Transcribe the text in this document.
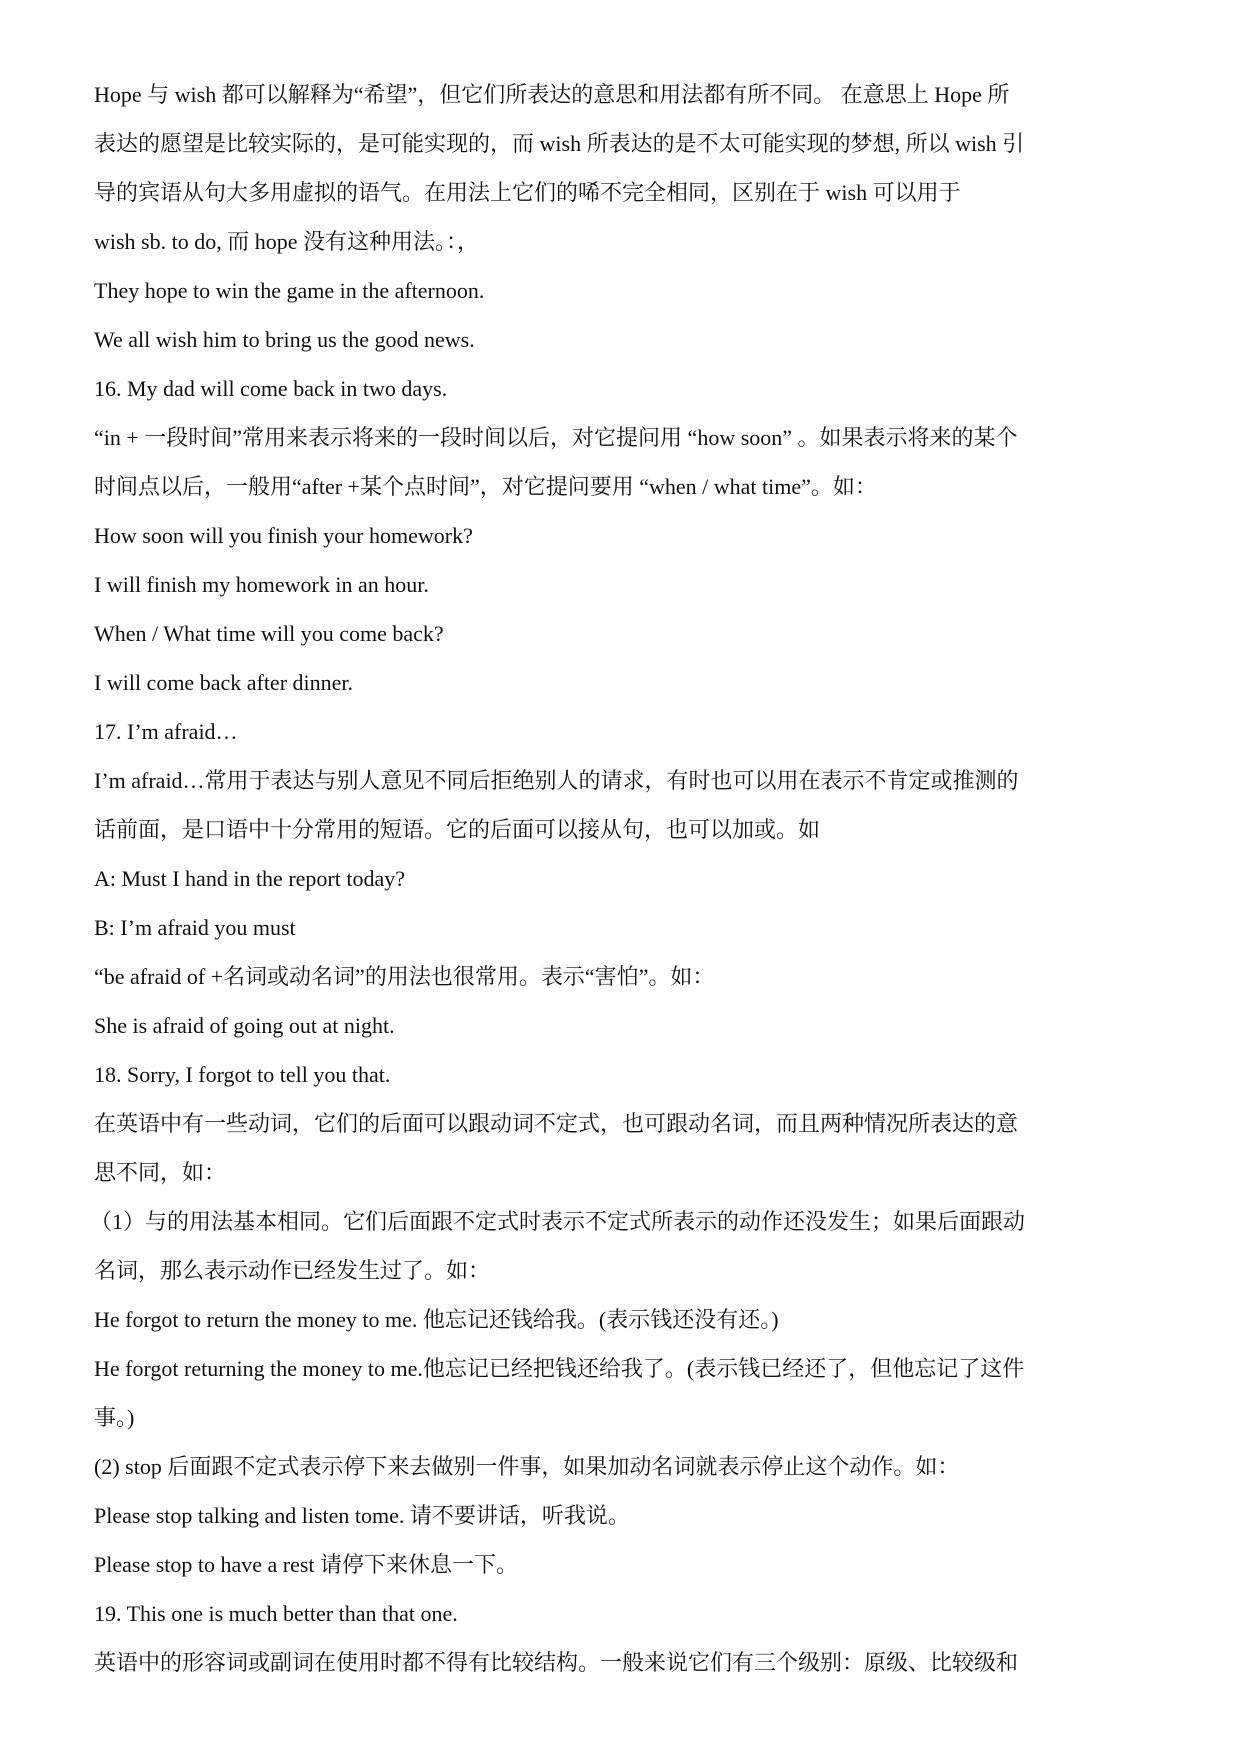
Hope 与 wish 都可以解释为“希望”，但它们所表达的意思和用法都有所不同。 在意思上 Hope 所

表达的愿望是比较实际的，是可能实现的，而 wish 所表达的是不太可能实现的梦想, 所以 wish 引

导的宾语从句大多用虚拟的语气。在用法上它们的唏不完全相同，区别在于 wish 可以用于

wish sb. to do, 而 hope 没有这种用法。：，

They hope to win the game in the afternoon.

We all wish him to bring us the good news.

16. My dad will come back in two days.

“in + 一段时间”常用来表示将来的一段时间以后，对它提问用 “how soon” 。如果表示将来的某个

时间点以后，一般用“after +某个点时间”，对它提问要用 “when / what time”。如：

How soon will you finish your homework?

I will finish my homework in an hour.

When / What time will you come back?

I will come back after dinner.

17. I’m afraid…

I’m afraid…常用于表达与别人意见不同后拒绝别人的请求，有时也可以用在表示不肯定或推测的

话前面，是口语中十分常用的短语。它的后面可以接从句，也可以加或。如

A: Must I hand in the report today?

B: I’m afraid you must

“be afraid of +名词或动名词”的用法也很常用。表示“害怕”。如：

She is afraid of going out at night.

18. Sorry, I forgot to tell you that.

在英语中有一些动词，它们的后面可以跟动词不定式，也可跟动名词，而且两种情况所表达的意

思不同，如：

（1）与的用法基本相同。它们后面跟不定式时表示不定式所表示的动作还没发生；如果后面跟动

名词，那么表示动作已经发生过了。如：

He forgot to return the money to me. 他忘记还钱给我。(表示钱还没有还。)

He forgot returning the money to me.他忘记已经把钱还给我了。(表示钱已经还了，但他忘记了这件

事。)

(2) stop 后面跟不定式表示停下来去做别一件事，如果加动名词就表示停止这个动作。如：

Please stop talking and listen tome. 请不要讲话，听我说。

Please stop to have a rest 请停下来休息一下。

19. This one is much better than that one.

英语中的形容词或副词在使用时都不得有比较结构。一般来说它们有三个级别：原级、比较级和
